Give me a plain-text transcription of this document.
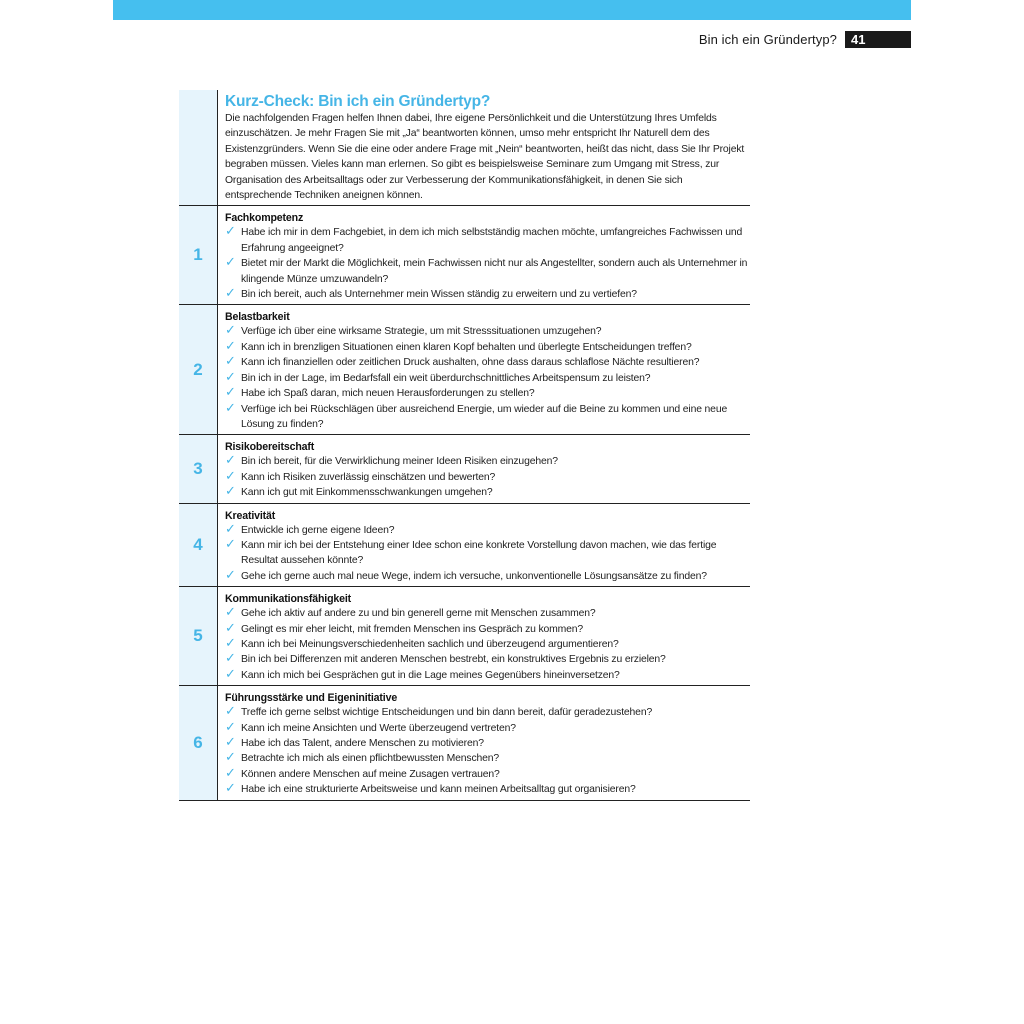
Bin ich ein Gründertyp?	41
Kurz-Check: Bin ich ein Gründertyp?
Die nachfolgenden Fragen helfen Ihnen dabei, Ihre eigene Persönlichkeit und die Unterstützung Ihres Umfelds einzuschätzen. Je mehr Fragen Sie mit „Ja“ beantworten können, umso mehr entspricht Ihr Naturell dem des Existenzgründers. Wenn Sie die eine oder andere Frage mit „Nein“ beantworten, heißt das nicht, dass Sie Ihr Projekt begraben müssen. Vieles kann man erlernen. So gibt es beispielsweise Seminare zum Umgang mit Stress, zur Organisation des Arbeitsalltags oder zur Verbesserung der Kommunikationsfähigkeit, in denen Sie sich entsprechende Techniken aneignen können.
1
Fachkompetenz
✓ Habe ich mir in dem Fachgebiet, in dem ich mich selbstständig machen möchte, umfangreiches Fachwissen und Erfahrung angeeignet?
✓ Bietet mir der Markt die Möglichkeit, mein Fachwissen nicht nur als Angestellter, sondern auch als Unternehmer in klingende Münze umzuwandeln?
✓ Bin ich bereit, auch als Unternehmer mein Wissen ständig zu erweitern und zu vertiefen?
2
Belastbarkeit
✓ Verfüge ich über eine wirksame Strategie, um mit Stresssituationen umzugehen?
✓ Kann ich in brenzligen Situationen einen klaren Kopf behalten und überlegte Entscheidungen treffen?
✓ Kann ich finanziellen oder zeitlichen Druck aushalten, ohne dass daraus schlaflose Nächte resultieren?
✓ Bin ich in der Lage, im Bedarfsfall ein weit überdurchschnittliches Arbeitspensum zu leisten?
✓ Habe ich Spaß daran, mich neuen Herausforderungen zu stellen?
✓ Verfüge ich bei Rückschlägen über ausreichend Energie, um wieder auf die Beine zu kommen und eine neue Lösung zu finden?
3
Risikobereitschaft
✓ Bin ich bereit, für die Verwirklichung meiner Ideen Risiken einzugehen?
✓ Kann ich Risiken zuverlässig einschätzen und bewerten?
✓ Kann ich gut mit Einkommensschwankungen umgehen?
4
Kreativität
✓ Entwickle ich gerne eigene Ideen?
✓ Kann mir ich bei der Entstehung einer Idee schon eine konkrete Vorstellung davon machen, wie das fertige Resultat aussehen könnte?
✓ Gehe ich gerne auch mal neue Wege, indem ich versuche, unkonventionelle Lösungsansätze zu finden?
5
Kommunikationsfähigkeit
✓ Gehe ich aktiv auf andere zu und bin generell gerne mit Menschen zusammen?
✓ Gelingt es mir eher leicht, mit fremden Menschen ins Gespräch zu kommen?
✓ Kann ich bei Meinungsverschiedenheiten sachlich und überzeugend argumentieren?
✓ Bin ich bei Differenzen mit anderen Menschen bestrebt, ein konstruktives Ergebnis zu erzielen?
✓ Kann ich mich bei Gesprächen gut in die Lage meines Gegenübers hineinversetzen?
6
Führungsstärke und Eigeninitiative
✓ Treffe ich gerne selbst wichtige Entscheidungen und bin dann bereit, dafür geradezustehen?
✓ Kann ich meine Ansichten und Werte überzeugend vertreten?
✓ Habe ich das Talent, andere Menschen zu motivieren?
✓ Betrachte ich mich als einen pflichtbewussten Menschen?
✓ Können andere Menschen auf meine Zusagen vertrauen?
✓ Habe ich eine strukturierte Arbeitsweise und kann meinen Arbeitsalltag gut organisieren?
